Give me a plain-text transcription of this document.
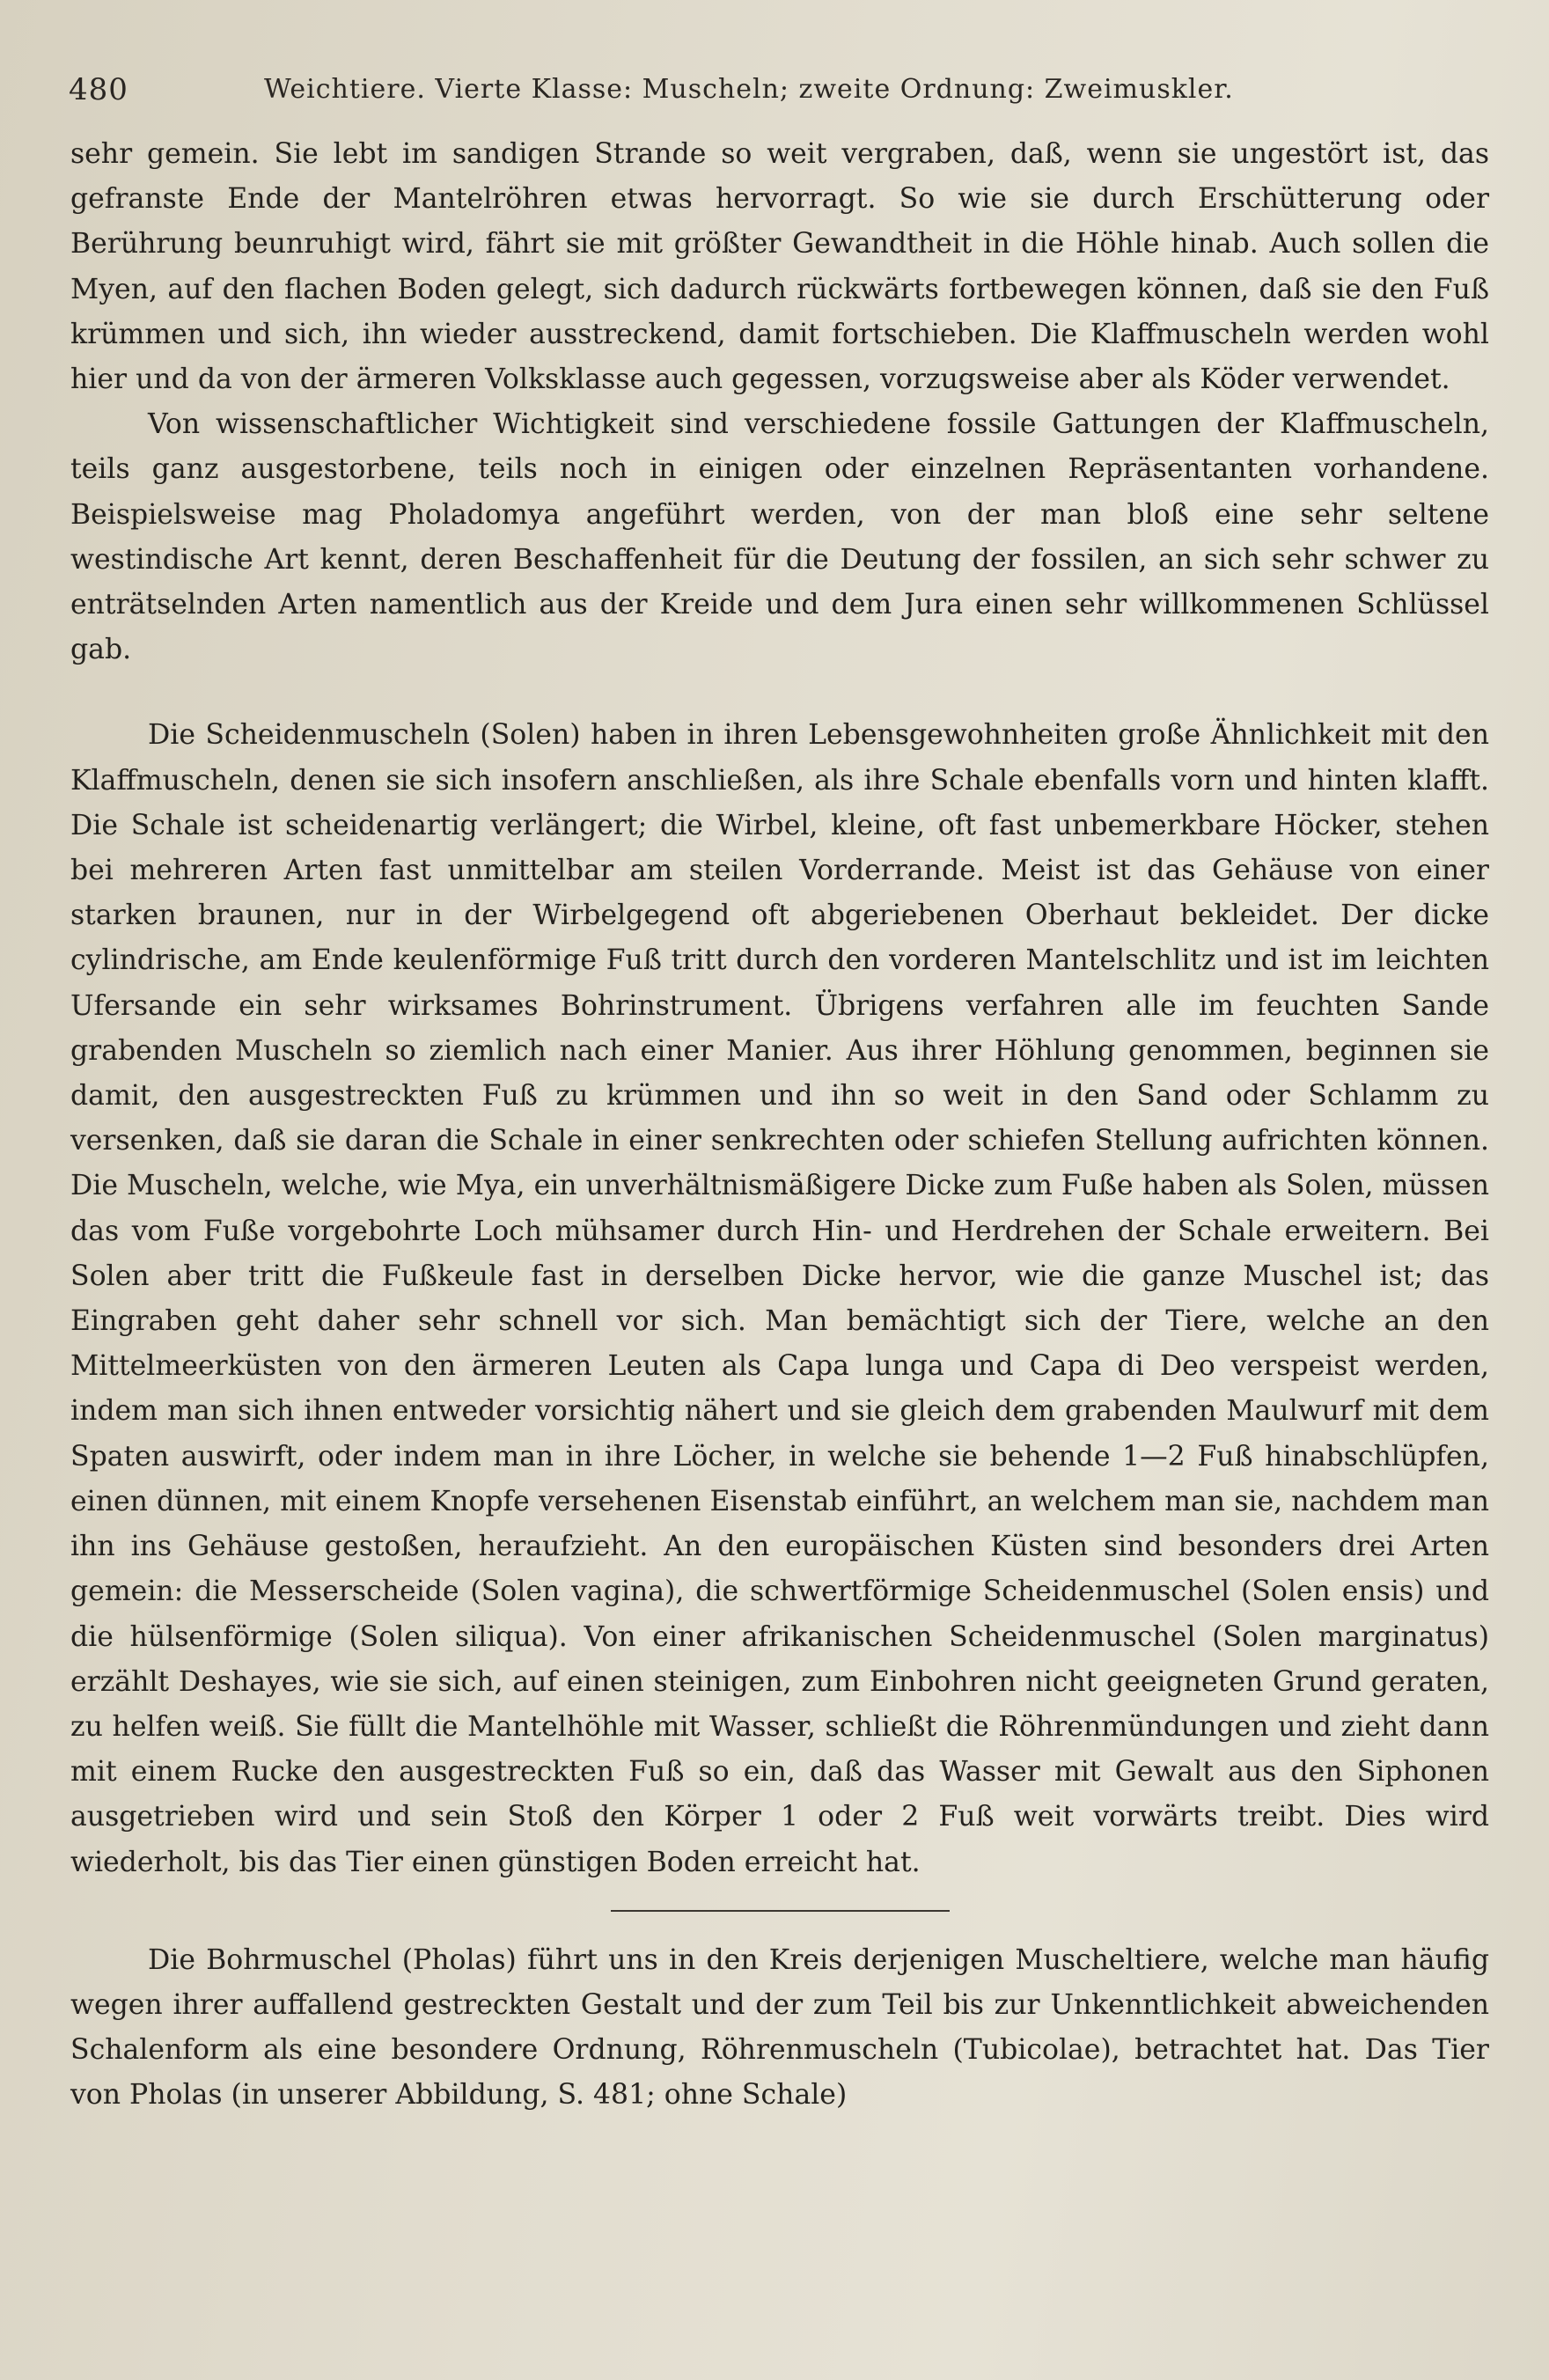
480	Weichtiere. Vierte Klasse: Muscheln; zweite Ordnung: Zweimuskler.

sehr gemein. Sie lebt im sandigen Strande so weit vergraben, daß, wenn sie ungestört ist, das gefranste Ende der Mantelröhren etwas hervorragt. So wie sie durch Erschütterung oder Berührung beunruhigt wird, fährt sie mit größter Gewandtheit in die Höhle hinab. Auch sollen die Myen, auf den flachen Boden gelegt, sich dadurch rückwärts fortbewegen können, daß sie den Fuß krümmen und sich, ihn wieder ausstreckend, damit fortschieben. Die Klaffmuscheln werden wohl hier und da von der ärmeren Volksklasse auch gegessen, vorzugsweise aber als Köder verwendet.

Von wissenschaftlicher Wichtigkeit sind verschiedene fossile Gattungen der Klaffmuscheln, teils ganz ausgestorbene, teils noch in einigen oder einzelnen Repräsentanten vorhandene. Beispielsweise mag Pholadomya angeführt werden, von der man bloß eine sehr seltene westindische Art kennt, deren Beschaffenheit für die Deutung der fossilen, an sich sehr schwer zu enträtselnden Arten namentlich aus der Kreide und dem Jura einen sehr willkommenen Schlüssel gab.

Die Scheidenmuscheln (Solen) haben in ihren Lebensgewohnheiten große Ähnlichkeit mit den Klaffmuscheln, denen sie sich insofern anschließen, als ihre Schale ebenfalls vorn und hinten klafft. Die Schale ist scheidenartig verlängert; die Wirbel, kleine, oft fast unbemerkbare Höcker, stehen bei mehreren Arten fast unmittelbar am steilen Vorderrande. Meist ist das Gehäuse von einer starken braunen, nur in der Wirbelgegend oft abgeriebenen Oberhaut bekleidet. Der dicke cylindrische, am Ende keulenförmige Fuß tritt durch den vorderen Mantelschlitz und ist im leichten Ufersande ein sehr wirksames Bohrinstrument. Übrigens verfahren alle im feuchten Sande grabenden Muscheln so ziemlich nach einer Manier. Aus ihrer Höhlung genommen, beginnen sie damit, den ausgestreckten Fuß zu krümmen und ihn so weit in den Sand oder Schlamm zu versenken, daß sie daran die Schale in einer senkrechten oder schiefen Stellung aufrichten können. Die Muscheln, welche, wie Mya, ein unverhältnismäßigere Dicke zum Fuße haben als Solen, müssen das vom Fuße vorgebohrte Loch mühsamer durch Hin- und Herdrehen der Schale erweitern. Bei Solen aber tritt die Fußkeule fast in derselben Dicke hervor, wie die ganze Muschel ist; das Eingraben geht daher sehr schnell vor sich. Man bemächtigt sich der Tiere, welche an den Mittelmeerküsten von den ärmeren Leuten als Capa lunga und Capa di Deo verspeist werden, indem man sich ihnen entweder vorsichtig nähert und sie gleich dem grabenden Maulwurf mit dem Spaten auswirft, oder indem man in ihre Löcher, in welche sie behende 1—2 Fuß hinabschlüpfen, einen dünnen, mit einem Knopfe versehenen Eisenstab einführt, an welchem man sie, nachdem man ihn ins Gehäuse gestoßen, heraufzieht. An den europäischen Küsten sind besonders drei Arten gemein: die Messerscheide (Solen vagina), die schwertförmige Scheidenmuschel (Solen ensis) und die hülsenförmige (Solen siliqua). Von einer afrikanischen Scheidenmuschel (Solen marginatus) erzählt Deshayes, wie sie sich, auf einen steinigen, zum Einbohren nicht geeigneten Grund geraten, zu helfen weiß. Sie füllt die Mantelhöhle mit Wasser, schließt die Röhrenmündungen und zieht dann mit einem Rucke den ausgestreckten Fuß so ein, daß das Wasser mit Gewalt aus den Siphonen ausgetrieben wird und sein Stoß den Körper 1 oder 2 Fuß weit vorwärts treibt. Dies wird wiederholt, bis das Tier einen günstigen Boden erreicht hat.

Die Bohrmuschel (Pholas) führt uns in den Kreis derjenigen Muscheltiere, welche man häufig wegen ihrer auffallend gestreckten Gestalt und der zum Teil bis zur Unkenntlichkeit abweichenden Schalenform als eine besondere Ordnung, Röhrenmuscheln (Tubicolae), betrachtet hat. Das Tier von Pholas (in unserer Abbildung, S. 481; ohne Schale)
